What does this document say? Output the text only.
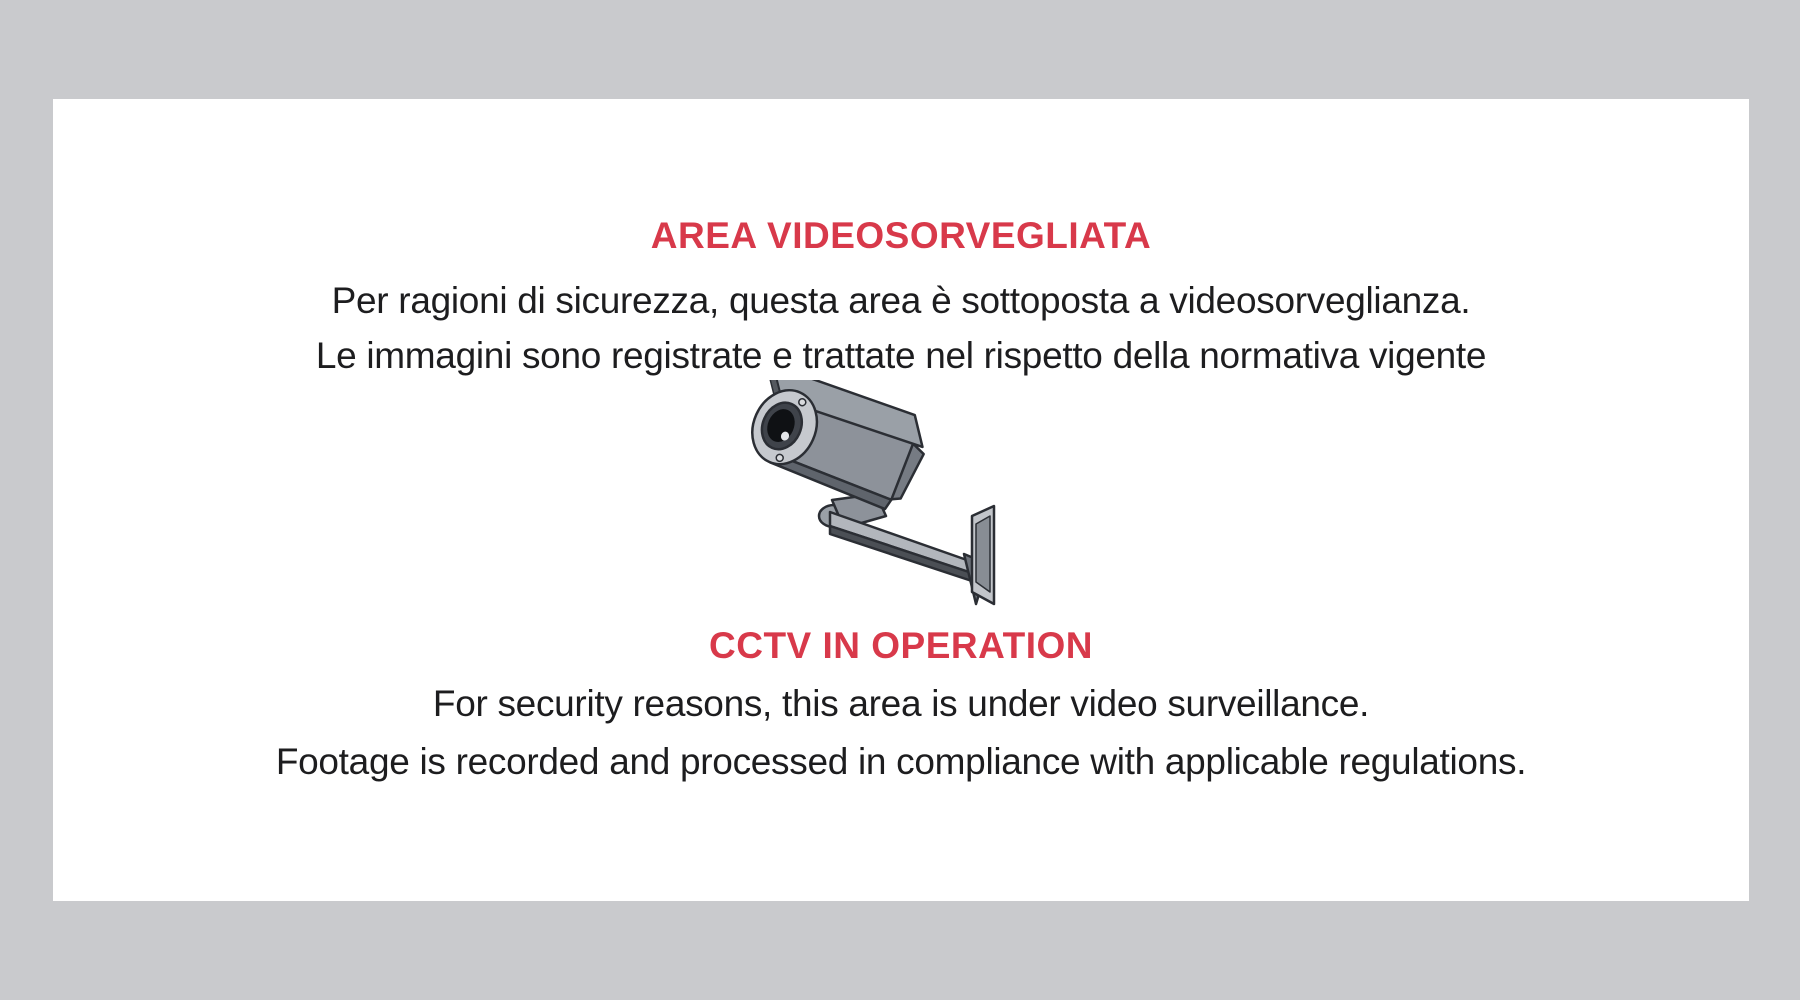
AREA VIDEOSORVEGLIATA
Per ragioni di sicurezza, questa area è sottoposta a videosorveglianza.
Le immagini sono registrate e trattate nel rispetto della normativa vigente
CCTV IN OPERATION
For security reasons, this area is under video surveillance.
Footage is recorded and processed in compliance with applicable regulations.
